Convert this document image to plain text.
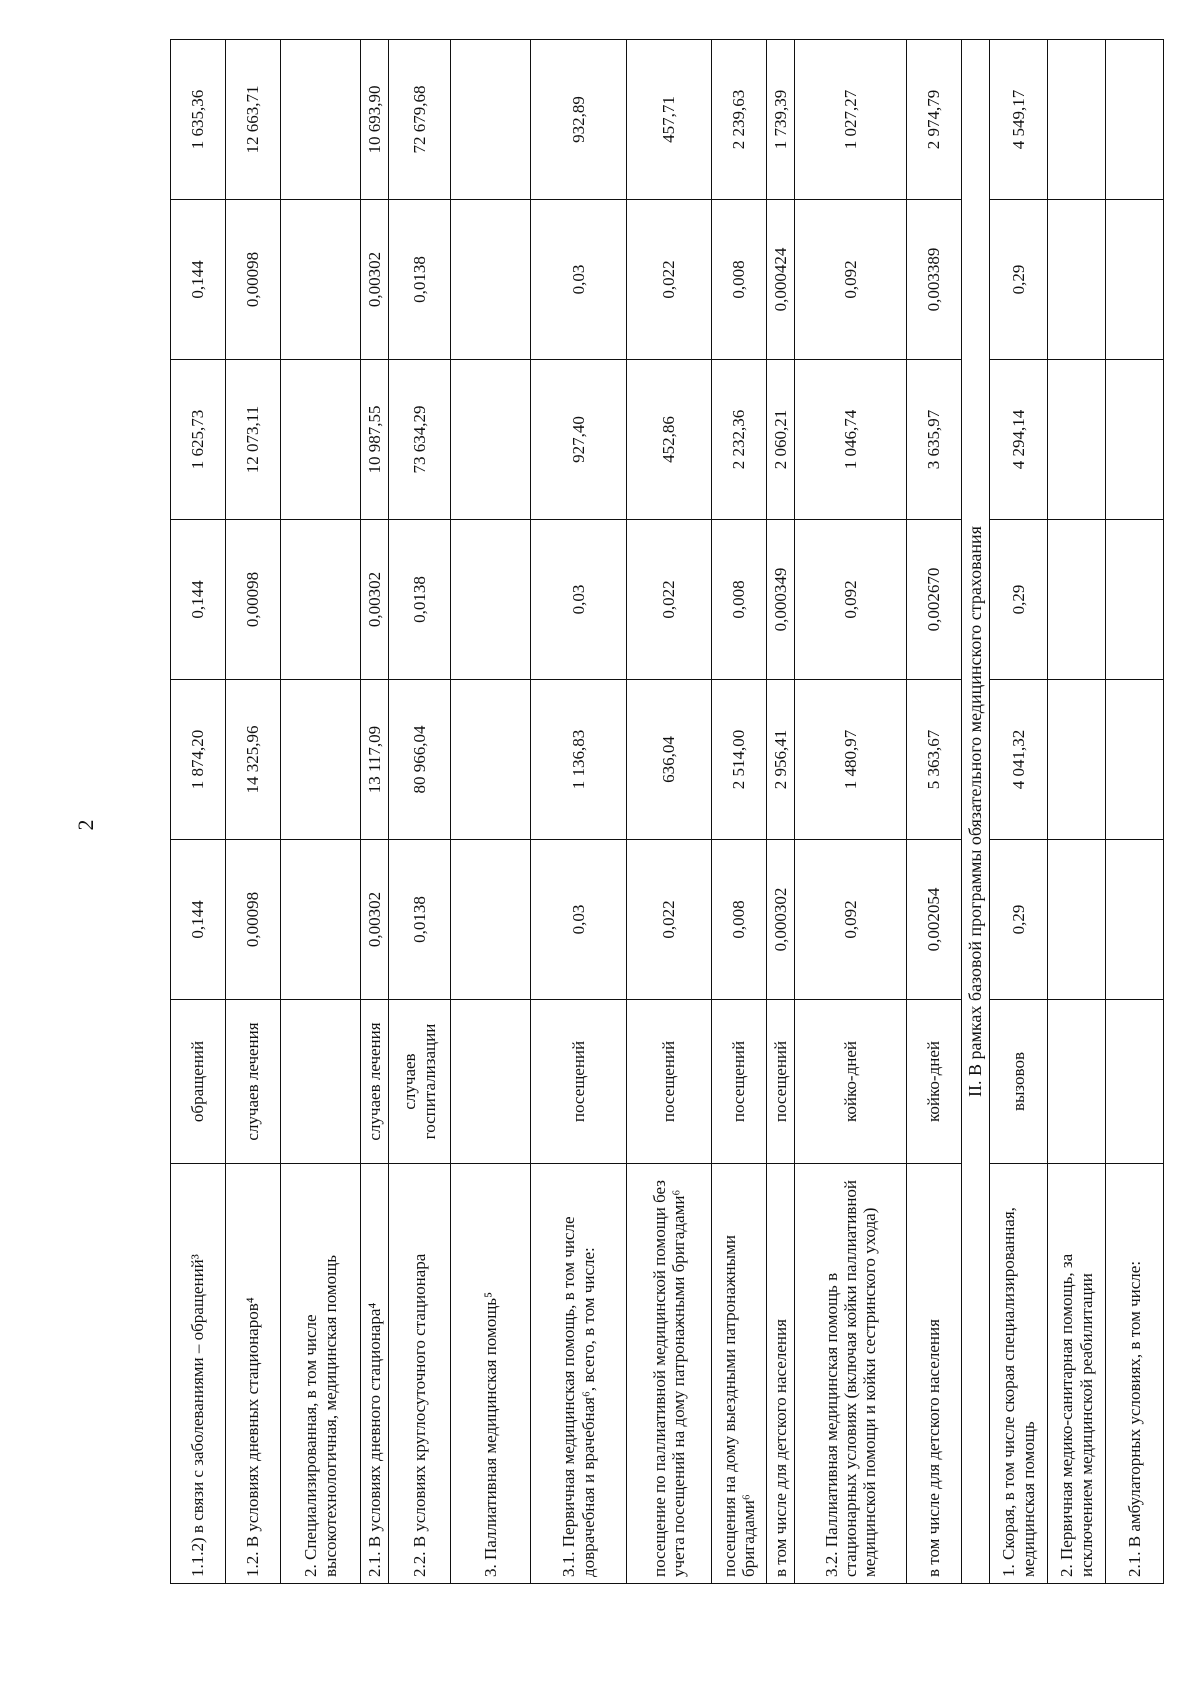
2
1.1.2) в связи с заболеваниями – обращений³	обращений	0,144	1 874,20	0,144	1 625,73	0,144	1 635,36
1.2. В условиях дневных стационаров⁴	случаев лечения	0,00098	14 325,96	0,00098	12 073,11	0,00098	12 663,71
2. Специализированная, в том числе высокотехнологичная, медицинская помощь							
2.1. В условиях дневного стационара⁴	случаев лечения	0,00302	13 117,09	0,00302	10 987,55	0,00302	10 693,90
2.2. В условиях круглосуточного стационара	случаев госпитализации	0,0138	80 966,04	0,0138	73 634,29	0,0138	72 679,68
3. Паллиативная медицинская помощь⁵							
3.1. Первичная медицинская помощь, в том числе доврачебная и врачебная⁶, всего, в том числе:	посещений	0,03	1 136,83	0,03	927,40	0,03	932,89
посещение по паллиативной медицинской помощи без учета посещений на дому патронажными бригадами⁶	посещений	0,022	636,04	0,022	452,86	0,022	457,71
посещения на дому выездными патронажными бригадами⁶	посещений	0,008	2 514,00	0,008	2 232,36	0,008	2 239,63
в том числе для детского населения	посещений	0,000302	2 956,41	0,000349	2 060,21	0,000424	1 739,39
3.2. Паллиативная медицинская помощь в стационарных условиях (включая койки паллиативной медицинской помощи и койки сестринского ухода)	койко-дней	0,092	1 480,97	0,092	1 046,74	0,092	1 027,27
в том числе для детского населения	койко-дней	0,002054	5 363,67	0,002670	3 635,97	0,003389	2 974,79
II. В рамках базовой программы обязательного медицинского страхования							
1. Скорая, в том числе скорая специализированная, медицинская помощь	вызовов	0,29	4 041,32	0,29	4 294,14	0,29	4 549,17
2. Первичная медико-санитарная помощь, за исключением медицинской реабилитации							
2.1. В амбулаторных условиях, в том числе:							
